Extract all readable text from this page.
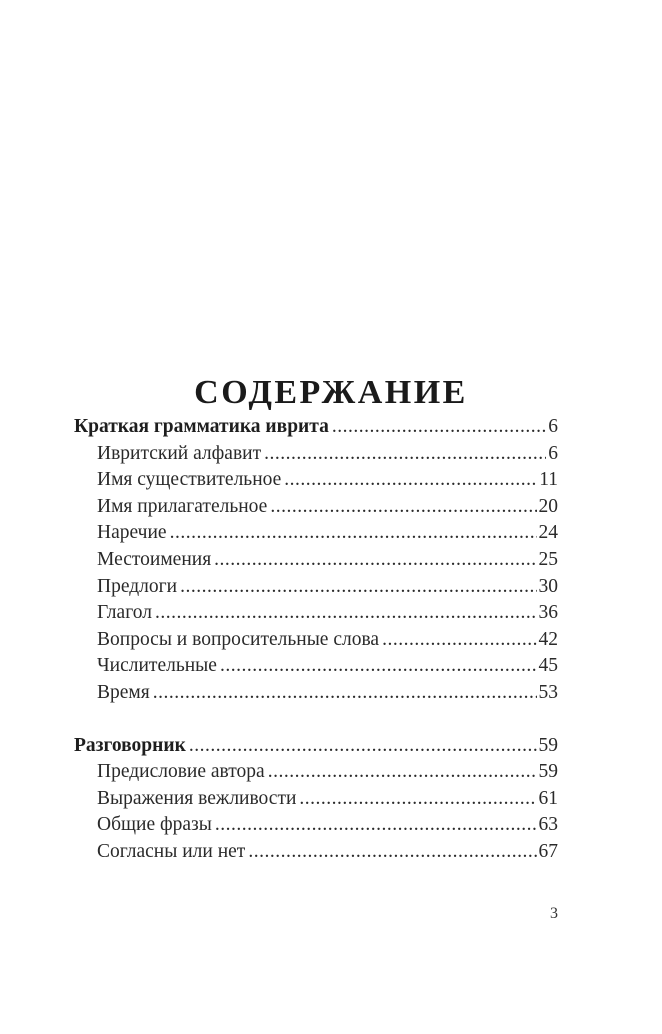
СОДЕРЖАНИЕ
Краткая грамматика иврита .....	6
Ивритский алфавит .....	6
Имя существительное .....	11
Имя прилагательное .....	20
Наречие .....	24
Местоимения .....	25
Предлоги .....	30
Глагол .....	36
Вопросы и вопросительные слова .....	42
Числительные .....	45
Время .....	53
Разговорник .....	59
Предисловие автора .....	59
Выражения вежливости .....	61
Общие фразы .....	63
Согласны или нет .....	67
3
